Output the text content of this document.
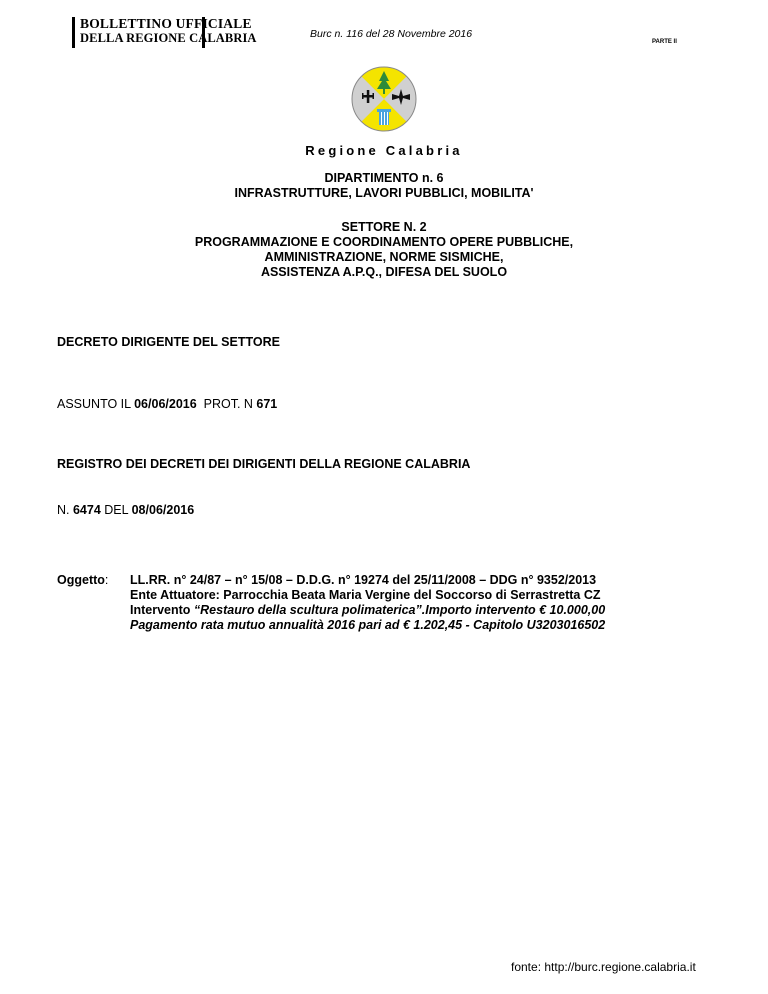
BOLLETTINO UFFICIALE
DELLA REGIONE CALABRIA	Burc n. 116 del 28 Novembre 2016
PARTE II
Regione Calabria
DIPARTIMENTO n. 6
INFRASTRUTTURE, LAVORI PUBBLICI, MOBILITA'
SETTORE N. 2
PROGRAMMAZIONE E COORDINAMENTO OPERE PUBBLICHE,
AMMINISTRAZIONE, NORME SISMICHE,
ASSISTENZA A.P.Q., DIFESA DEL SUOLO
DECRETO DIRIGENTE DEL SETTORE
ASSUNTO IL 06/06/2016  PROT. N 671
REGISTRO DEI DECRETI DEI DIRIGENTI DELLA REGIONE CALABRIA
N. 6474 DEL 08/06/2016
Oggetto: LL.RR. n° 24/87 – n° 15/08 – D.D.G. n° 19274 del 25/11/2008 – DDG n° 9352/2013
Ente Attuatore: Parrocchia Beata Maria Vergine del Soccorso di Serrastretta CZ
Intervento “Restauro della scultura polimaterica”.Importo intervento € 10.000,00
Pagamento rata mutuo annualità 2016 pari ad € 1.202,45 - Capitolo U3203016502
fonte: http://burc.regione.calabria.it
